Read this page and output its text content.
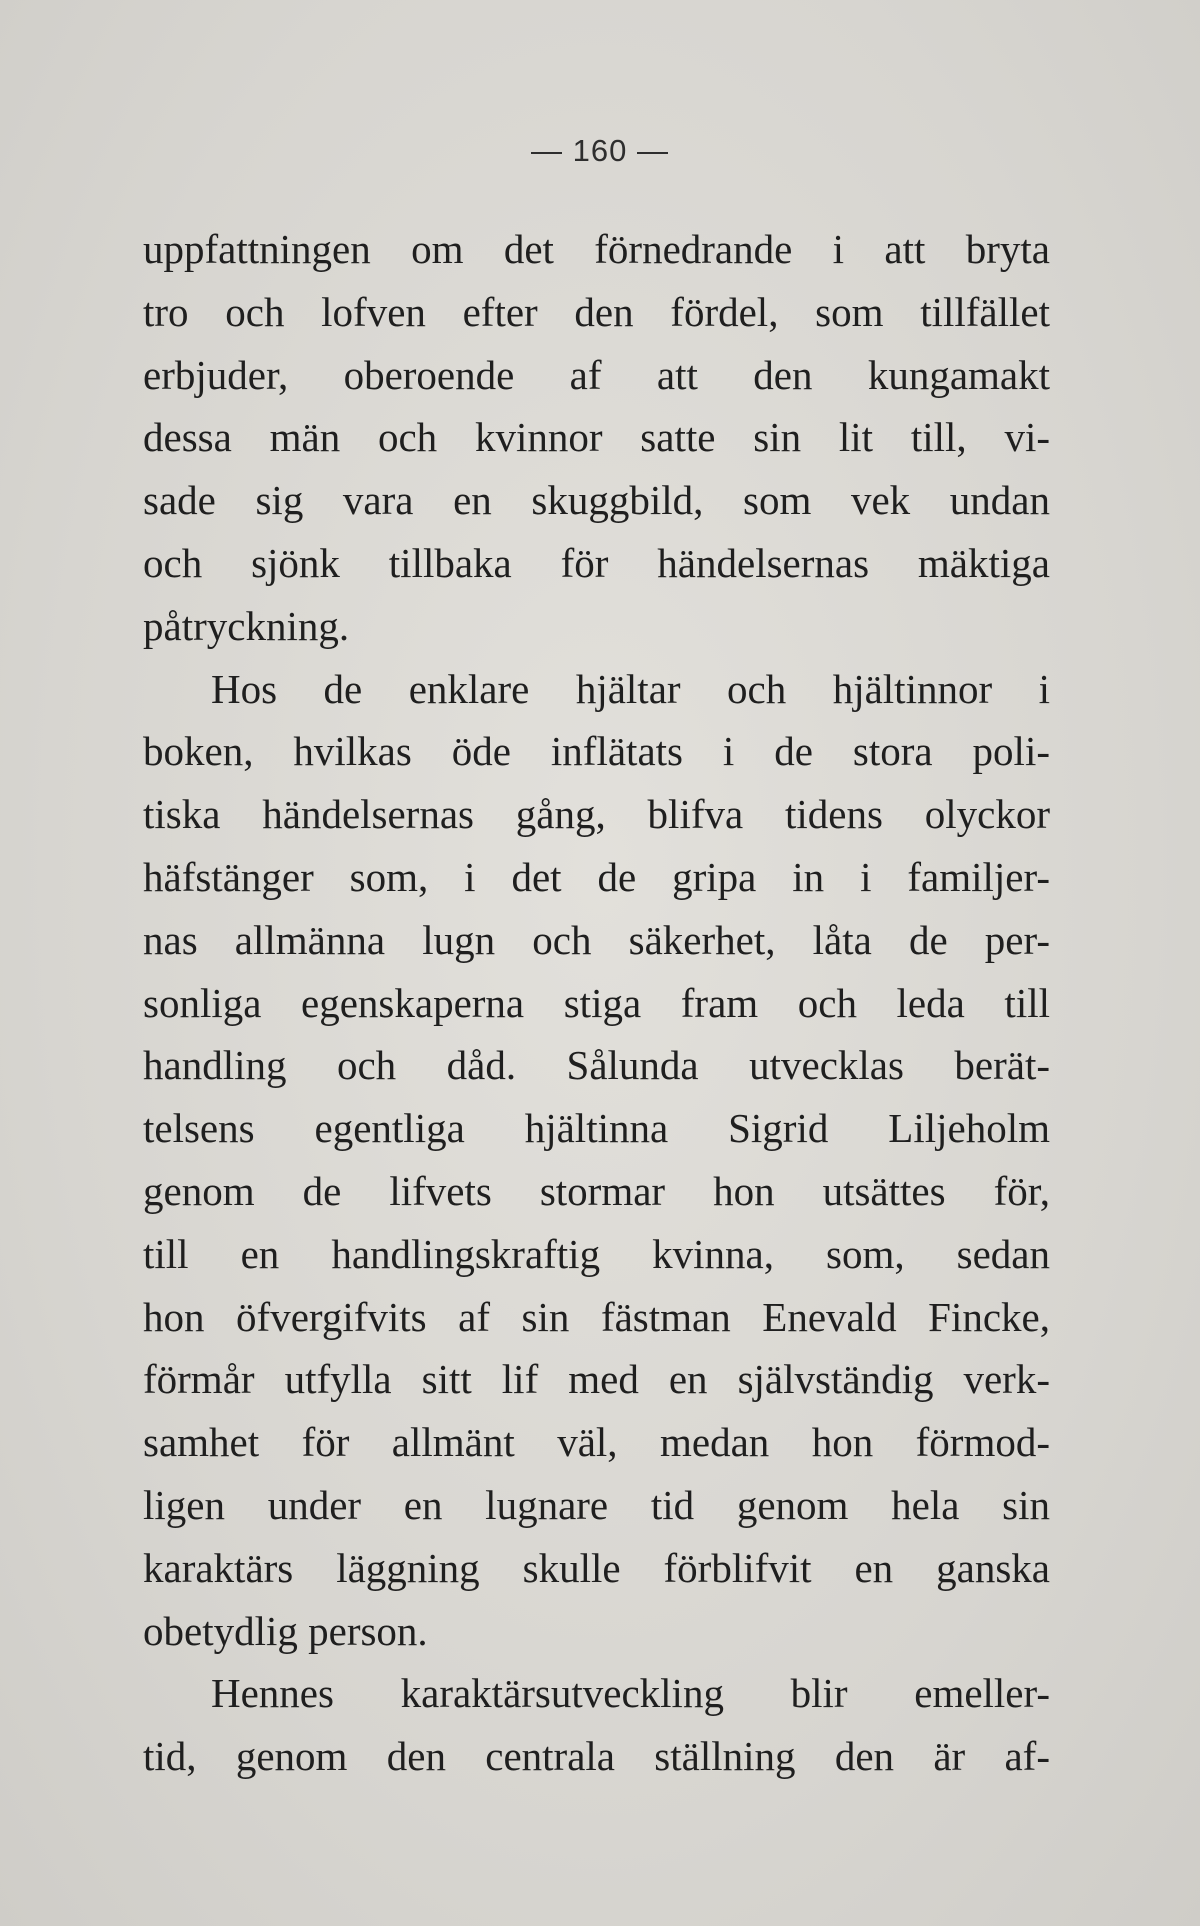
— 160 —

uppfattningen om det förnedrande i att bryta
tro och lofven efter den fördel, som tillfället
erbjuder, oberoende af att den kungamakt
dessa män och kvinnor satte sin lit till, vi-
sade sig vara en skuggbild, som vek undan
och sjönk tillbaka för händelsernas mäktiga
påtryckning.
Hos de enklare hjältar och hjältinnor i
boken, hvilkas öde inflätats i de stora poli-
tiska händelsernas gång, blifva tidens olyckor
häfstänger som, i det de gripa in i familjer-
nas allmänna lugn och säkerhet, låta de per-
sonliga egenskaperna stiga fram och leda till
handling och dåd. Sålunda utvecklas berät-
telsens egentliga hjältinna Sigrid Liljeholm
genom de lifvets stormar hon utsättes för,
till en handlingskraftig kvinna, som, sedan
hon öfvergifvits af sin fästman Enevald Fincke,
förmår utfylla sitt lif med en självständig verk-
samhet för allmänt väl, medan hon förmod-
ligen under en lugnare tid genom hela sin
karaktärs läggning skulle förblifvit en ganska
obetydlig person.
Hennes karaktärsutveckling blir emeller-
tid, genom den centrala ställning den är af-
